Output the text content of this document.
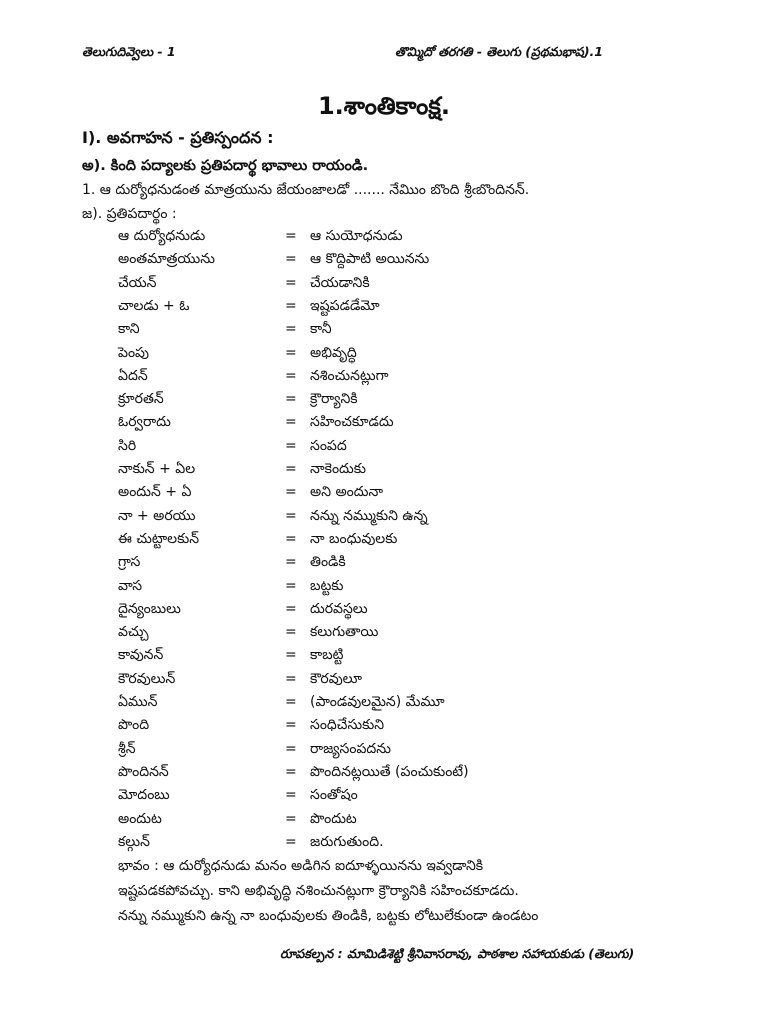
తెలుగుదివ్వెలు - 1	తొమ్మిదో తరగతి - తెలుగు (ప్రథమభాష).1
1.శాంతికాంక్ష.
I). అవగాహన - ప్రతిస్పందన :
అ). కింది పద్యాలకు ప్రతిపదార్థ భావాలు రాయండి.
1. ఆ దుర్యోధనుడంత మాత్రయును జేయంజాలడో ....... నేమిుం బొంది శ్రీఁబొందినన్.
జ). ప్రతిపదార్థం :
ఆ దుర్యోధనుడు	= ఆ సుయోధనుడు
అంతమాత్రయును	= ఆ కొద్దిపాటి అయినను
చేయన్	= చేయడానికి
చాలడు + ఓ	= ఇష్టపడడేమో
కాని	= కానీ
పెంపు	= అభివృద్ధి
ఏదన్	= నశించునట్లుగా
క్రూరతన్	= క్రౌర్యానికి
ఓర్వరాదు	= సహించకూడదు
సిరి	= సంపద
నాకున్ + ఏల	= నాకెందుకు
అందున్ + ఏ	= అని అందునా
నా + అరయు	= నన్ను నమ్ముకుని ఉన్న
ఈ చుట్టాలకున్	= నా బంధువులకు
గ్రాస	= తిండికి
వాస	= బట్టకు
దైన్యంబులు	= దురవస్థలు
వచ్చు	= కలుగుతాయి
కావునన్	= కాబట్టి
కౌరవులున్	= కౌరవులూ
ఏమున్	= (పాండవులమైన) మేమూ
పొంది	= సంధిచేసుకుని
శ్రీన్	= రాజ్యసంపదను
పొందినన్	= పొందినట్లయితే (పంచుకుంటే)
మోదంబు	= సంతోషం
అందుట	= పొందుట
కల్గున్	= జరుగుతుంది.
భావం : ఆ దుర్యోధనుడు మనం అడిగిన ఐదూళ్ళయినను ఇవ్వడానికి
ఇష్టపడకపోవచ్చు. కాని అభివృద్ధి నశించునట్లుగా క్రౌర్యానికి సహించకూడదు.
నన్ను నమ్ముకుని ఉన్న నా బంధువులకు తిండికి, బట్టకు లోటులేకుండా ఉండటం
రూపకల్పన : మామిడిశెట్టి శ్రీనివాసరావు, పాఠశాల సహాయకుడు (తెలుగు)
